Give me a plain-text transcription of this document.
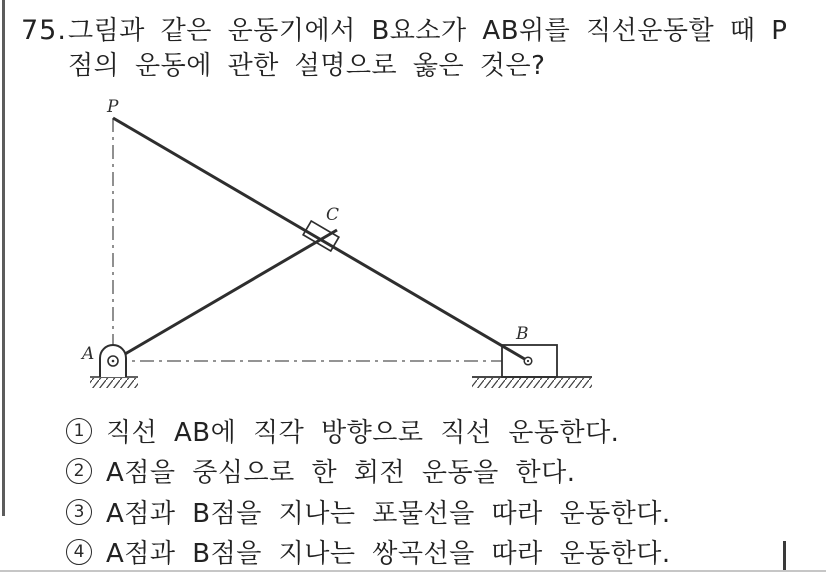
75. 그림과 같은 운동기에서 B요소가 AB위를 직선운동할 때 P
점의 운동에 관한 설명으로 옳은 것은?
P
C
A
B
1 직선 AB에 직각 방향으로 직선 운동한다.
2 A점을 중심으로 한 회전 운동을 한다.
3 A점과 B점을 지나는 포물선을 따라 운동한다.
4 A점과 B점을 지나는 쌍곡선을 따라 운동한다.
